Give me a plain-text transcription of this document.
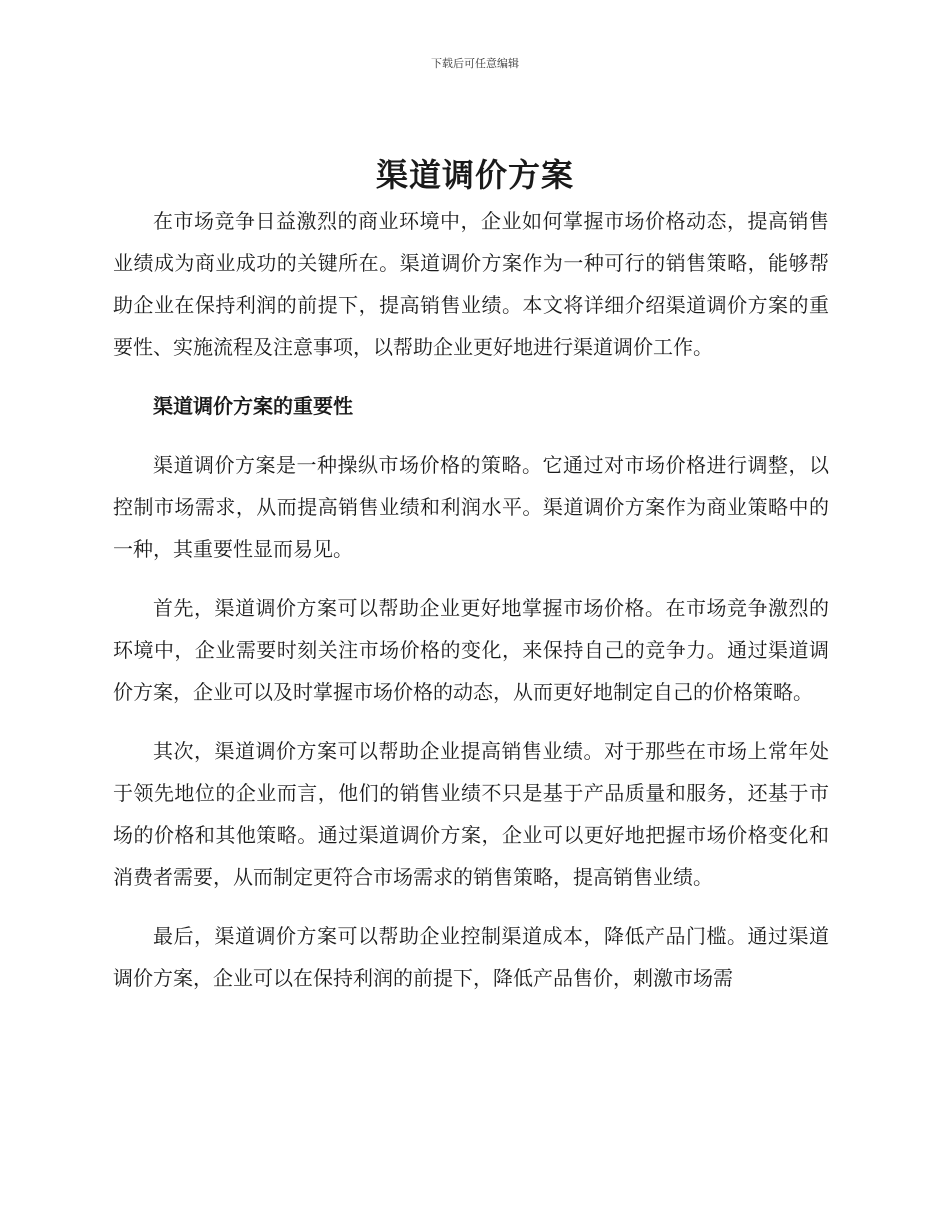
下载后可任意编辑
渠道调价方案

在市场竞争日益激烈的商业环境中，企业如何掌握市场价格动态，提高销售业绩成为商业成功的关键所在。渠道调价方案作为一种可行的销售策略，能够帮助企业在保持利润的前提下，提高销售业绩。本文将详细介绍渠道调价方案的重要性、实施流程及注意事项，以帮助企业更好地进行渠道调价工作。

渠道调价方案的重要性

渠道调价方案是一种操纵市场价格的策略。它通过对市场价格进行调整，以控制市场需求，从而提高销售业绩和利润水平。渠道调价方案作为商业策略中的一种，其重要性显而易见。

首先，渠道调价方案可以帮助企业更好地掌握市场价格。在市场竞争激烈的环境中，企业需要时刻关注市场价格的变化，来保持自己的竞争力。通过渠道调价方案，企业可以及时掌握市场价格的动态，从而更好地制定自己的价格策略。

其次，渠道调价方案可以帮助企业提高销售业绩。对于那些在市场上常年处于领先地位的企业而言，他们的销售业绩不只是基于产品质量和服务，还基于市场的价格和其他策略。通过渠道调价方案，企业可以更好地把握市场价格变化和消费者需要，从而制定更符合市场需求的销售策略，提高销售业绩。

最后，渠道调价方案可以帮助企业控制渠道成本，降低产品门槛。通过渠道调价方案，企业可以在保持利润的前提下，降低产品售价，刺激市场需
